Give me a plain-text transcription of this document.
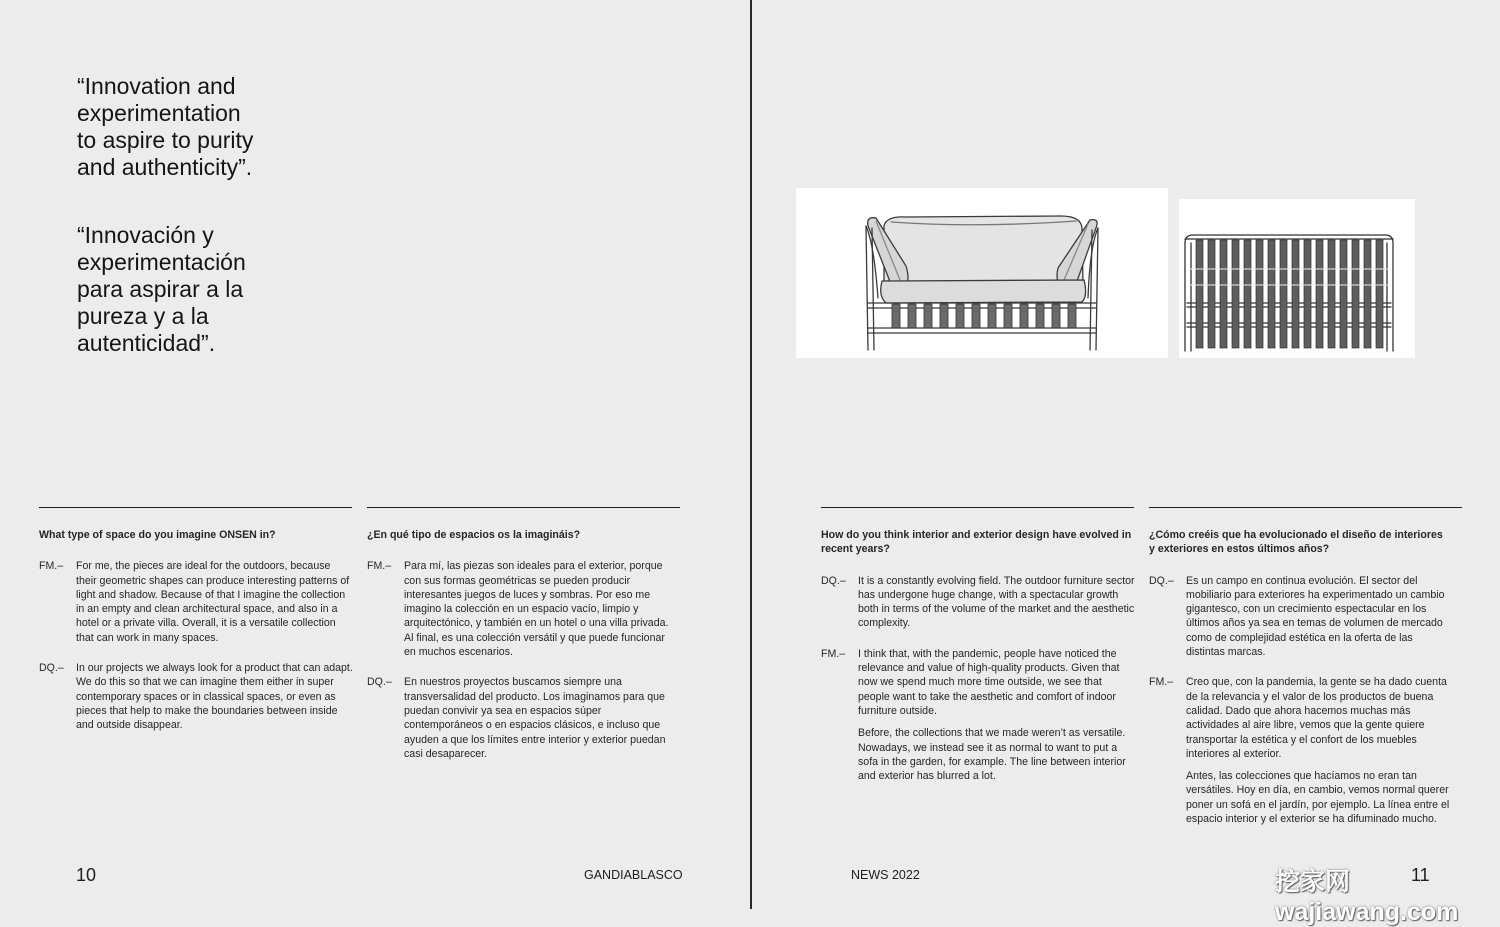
“Innovation and
experimentation
to aspire to purity
and authenticity”.
“Innovación y
experimentación
para aspirar a la
pureza y a la
autenticidad”.
What type of space do you imagine ONSEN in?
FM.–	For me, the pieces are ideal for the outdoors, because their geometric shapes can produce interesting patterns of light and shadow. Because of that I imagine the collection in an empty and clean architectural space, and also in a hotel or a private villa. Overall, it is a versatile collection that can work in many spaces.

DQ.–	In our projects we always look for a product that can adapt. We do this so that we can imagine them either in super contemporary spaces or in classical spaces, or even as pieces that help to make the boundaries between inside and outside disappear.

¿En qué tipo de espacios os la imagináis?
FM.–	Para mí, las piezas son ideales para el exterior, porque con sus formas geométricas se pueden producir interesantes juegos de luces y sombras. Por eso me imagino la colección en un espacio vacío, limpio y arquitectónico, y también en un hotel o una villa privada. Al final, es una colección versátil y que puede funcionar en muchos escenarios.

DQ.–	En nuestros proyectos buscamos siempre una transversalidad del producto. Los imaginamos para que puedan convivir ya sea en espacios súper contemporáneos o en espacios clásicos, e incluso que ayuden a que los límites entre interior y exterior puedan casi desaparecer.

10	GANDIABLASCO
How do you think interior and exterior design have evolved in
recent years?
DQ.–	It is a constantly evolving field. The outdoor furniture sector has undergone huge change, with a spectacular growth both in terms of the volume of the market and the aesthetic complexity.

FM.–	I think that, with the pandemic, people have noticed the relevance and value of high-quality products. Given that now we spend much more time outside, we see that people want to take the aesthetic and comfort of indoor furniture outside.

Before, the collections that we made weren’t as versatile. Nowadays, we instead see it as normal to want to put a sofa in the garden, for example. The line between interior and exterior has blurred a lot.

¿Cómo creéis que ha evolucionado el diseño de interiores
y exteriores en estos últimos años?
DQ.–	Es un campo en continua evolución. El sector del mobiliario para exteriores ha experimentado un cambio gigantesco, con un crecimiento espectacular en los últimos años ya sea en temas de volumen de mercado como de complejidad estética en la oferta de las distintas marcas.

FM.–	Creo que, con la pandemia, la gente se ha dado cuenta de la relevancia y el valor de los productos de buena calidad. Dado que ahora hacemos muchas más actividades al aire libre, vemos que la gente quiere transportar la estética y el confort de los muebles interiores al exterior.

Antes, las colecciones que hacíamos no eran tan versátiles. Hoy en día, en cambio, vemos normal querer poner un sofá en el jardín, por ejemplo. La línea entre el espacio interior y el exterior se ha difuminado mucho.

NEWS 2022	11
挖家网 wajiawang.com
